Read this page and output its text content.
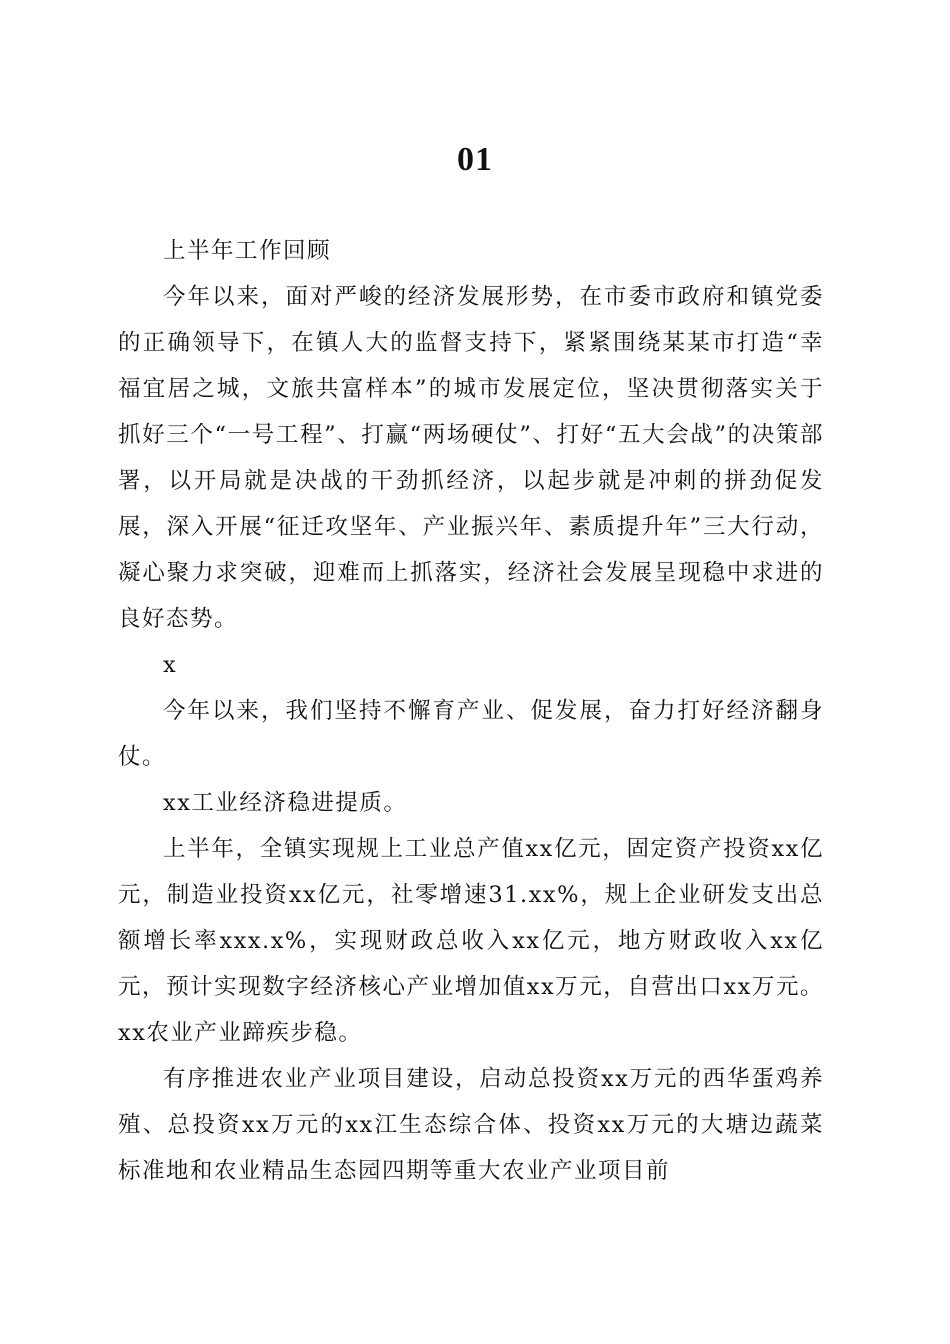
01

上半年工作回顾

今年以来，面对严峻的经济发展形势，在市委市政府和镇党委的正确领导下，在镇人大的监督支持下，紧紧围绕某某市打造“幸福宜居之城，文旅共富样本”的城市发展定位，坚决贯彻落实关于抓好三个“一号工程”、打赢“两场硬仗”、打好“五大会战”的决策部署，以开局就是决战的干劲抓经济，以起步就是冲刺的拼劲促发展，深入开展“征迁攻坚年、产业振兴年、素质提升年”三大行动，凝心聚力求突破，迎难而上抓落实，经济社会发展呈现稳中求进的良好态势。

x

今年以来，我们坚持不懈育产业、促发展，奋力打好经济翻身仗。

xx工业经济稳进提质。

上半年，全镇实现规上工业总产值xx亿元，固定资产投资xx亿元，制造业投资xx亿元，社零增速31.xx%，规上企业研发支出总额增长率xxx.x%，实现财政总收入xx亿元，地方财政收入xx亿元，预计实现数字经济核心产业增加值xx万元，自营出口xx万元。xx农业产业蹄疾步稳。

有序推进农业产业项目建设，启动总投资xx万元的西华蛋鸡养殖、总投资xx万元的xx江生态综合体、投资xx万元的大塘边蔬菜标准地和农业精品生态园四期等重大农业产业项目前
